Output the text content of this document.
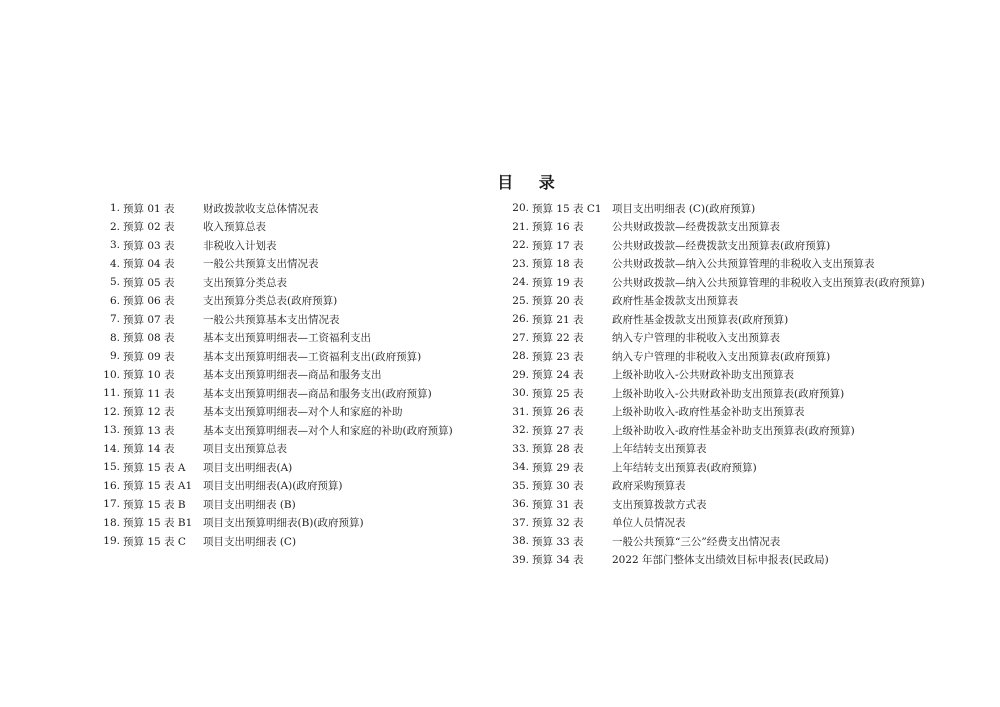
目 录
1. 预算 01 表	财政拨款收支总体情况表
2. 预算 02 表	收入预算总表
3. 预算 03 表	非税收入计划表
4. 预算 04 表	一般公共预算支出情况表
5. 预算 05 表	支出预算分类总表
6. 预算 06 表	支出预算分类总表(政府预算)
7. 预算 07 表	一般公共预算基本支出情况表
8. 预算 08 表	基本支出预算明细表—工资福利支出
9. 预算 09 表	基本支出预算明细表—工资福利支出(政府预算)
10. 预算 10 表	基本支出预算明细表—商品和服务支出
11. 预算 11 表	基本支出预算明细表—商品和服务支出(政府预算)
12. 预算 12 表	基本支出预算明细表—对个人和家庭的补助
13. 预算 13 表	基本支出预算明细表—对个人和家庭的补助(政府预算)
14. 预算 14 表	项目支出预算总表
15. 预算 15 表 A	项目支出明细表(A)
16. 预算 15 表 A1	项目支出明细表(A)(政府预算)
17. 预算 15 表 B	项目支出明细表 (B)
18. 预算 15 表 B1	项目支出预算明细表(B)(政府预算)
19. 预算 15 表 C	项目支出明细表 (C)
20. 预算 15 表 C1 项目支出明细表 (C)(政府预算)
21. 预算 16 表	公共财政拨款—经费拨款支出预算表
22. 预算 17 表	公共财政拨款—经费拨款支出预算表(政府预算)
23. 预算 18 表	公共财政拨款—纳入公共预算管理的非税收入支出预算表
24. 预算 19 表	公共财政拨款—纳入公共预算管理的非税收入支出预算表(政府预算)
25. 预算 20 表	政府性基金拨款支出预算表
26. 预算 21 表	政府性基金拨款支出预算表(政府预算)
27. 预算 22 表	纳入专户管理的非税收入支出预算表
28. 预算 23 表	纳入专户管理的非税收入支出预算表(政府预算)
29. 预算 24 表	上级补助收入-公共财政补助支出预算表
30. 预算 25 表	上级补助收入-公共财政补助支出预算表(政府预算)
31. 预算 26 表	上级补助收入-政府性基金补助支出预算表
32. 预算 27 表	上级补助收入-政府性基金补助支出预算表(政府预算)
33. 预算 28 表	上年结转支出预算表
34. 预算 29 表	上年结转支出预算表(政府预算)
35. 预算 30 表	政府采购预算表
36. 预算 31 表	支出预算拨款方式表
37. 预算 32 表	单位人员情况表
38. 预算 33 表	一般公共预算“三公”经费支出情况表
39. 预算 34 表	2022 年部门整体支出绩效目标申报表(民政局)
